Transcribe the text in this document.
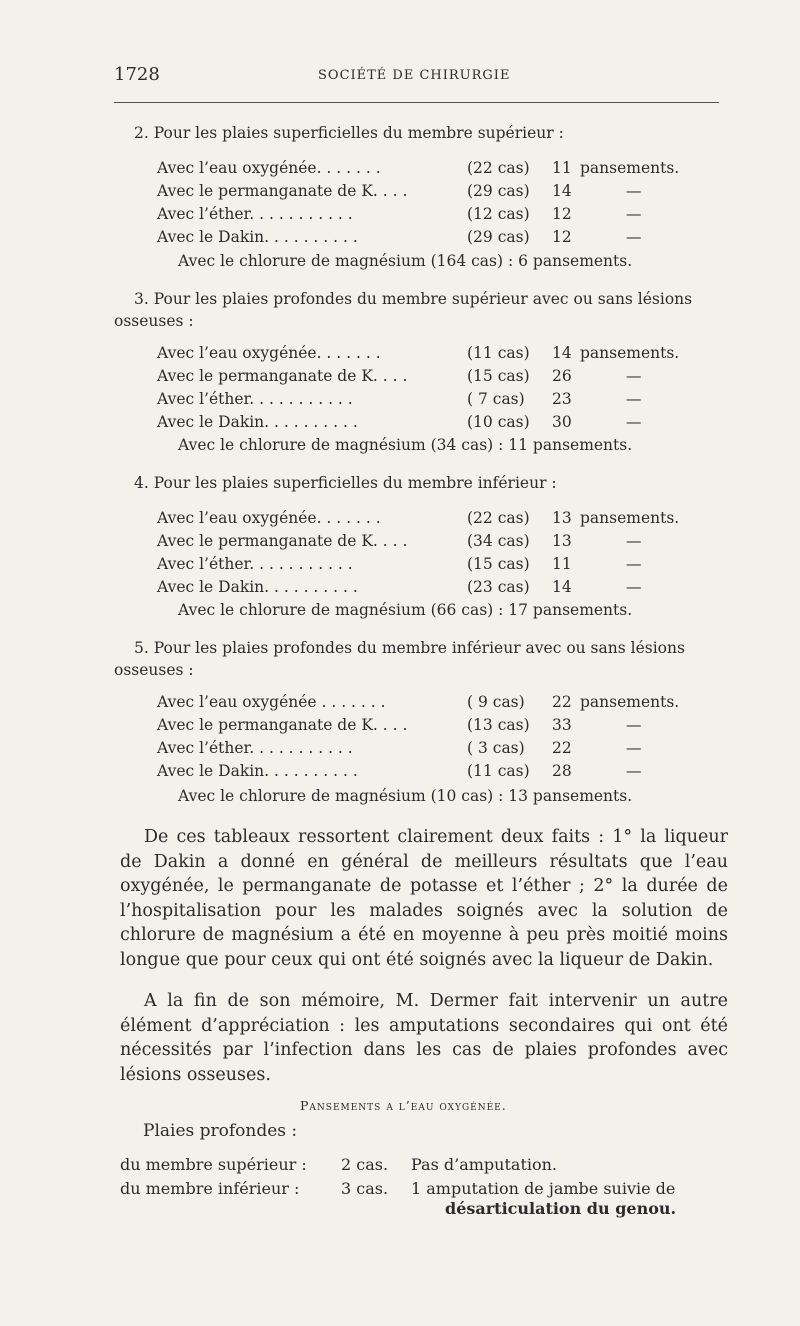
1728	SOCIÉTÉ DE CHIRURGIE
2. Pour les plaies superficielles du membre supérieur :
Avec l’eau oxygénée. . . . . . .	(22 cas) 11 pansements.
Avec le permanganate de K. . . .	(29 cas) 14	—
Avec l’éther. . . . . . . . . . .	(12 cas) 12	—
Avec le Dakin. . . . . . . . . .	(29 cas) 12	—
Avec le chlorure de magnésium (164 cas) : 6 pansements.
3. Pour les plaies profondes du membre supérieur avec ou sans lésions osseuses :
Avec l’eau oxygénée. . . . . . .	(11 cas) 14 pansements.
Avec le permanganate de K. . . .	(15 cas) 26	—
Avec l’éther. . . . . . . . . . .	( 7 cas) 23	—
Avec le Dakin. . . . . . . . . .	(10 cas) 30	—
Avec le chlorure de magnésium (34 cas) : 11 pansements.
4. Pour les plaies superficielles du membre inférieur :
Avec l’eau oxygénée. . . . . . .	(22 cas) 13 pansements.
Avec le permanganate de K. . . .	(34 cas) 13	—
Avec l’éther. . . . . . . . . . .	(15 cas) 11	—
Avec le Dakin. . . . . . . . . .	(23 cas) 14	—
Avec le chlorure de magnésium (66 cas) : 17 pansements.
5. Pour les plaies profondes du membre inférieur avec ou sans lésions osseuses :
Avec l’eau oxygénée . . . . . . .	( 9 cas) 22 pansements.
Avec le permanganate de K. . . .	(13 cas) 33	—
Avec l’éther. . . . . . . . . . .	( 3 cas) 22	—
Avec le Dakin. . . . . . . . . .	(11 cas) 28	—
Avec le chlorure de magnésium (10 cas) : 13 pansements.
De ces tableaux ressortent clairement deux faits : 1° la liqueur de Dakin a donné en général de meilleurs résultats que l’eau oxygénée, le permanganate de potasse et l’éther ; 2° la durée de l’hospitalisation pour les malades soignés avec la solution de chlorure de magnésium a été en moyenne à peu près moitié moins longue que pour ceux qui ont été soignés avec la liqueur de Dakin.
A la fin de son mémoire, M. Dermer fait intervenir un autre élément d’appréciation : les amputations secondaires qui ont été nécessités par l’infection dans les cas de plaies profondes avec lésions osseuses.
Pansements a l’eau oxygénée.
Plaies profondes :
du membre supérieur : 2 cas. Pas d’amputation.
du membre inférieur :	3 cas. 1 amputation de jambe suivie de
désarticulation du genou.
